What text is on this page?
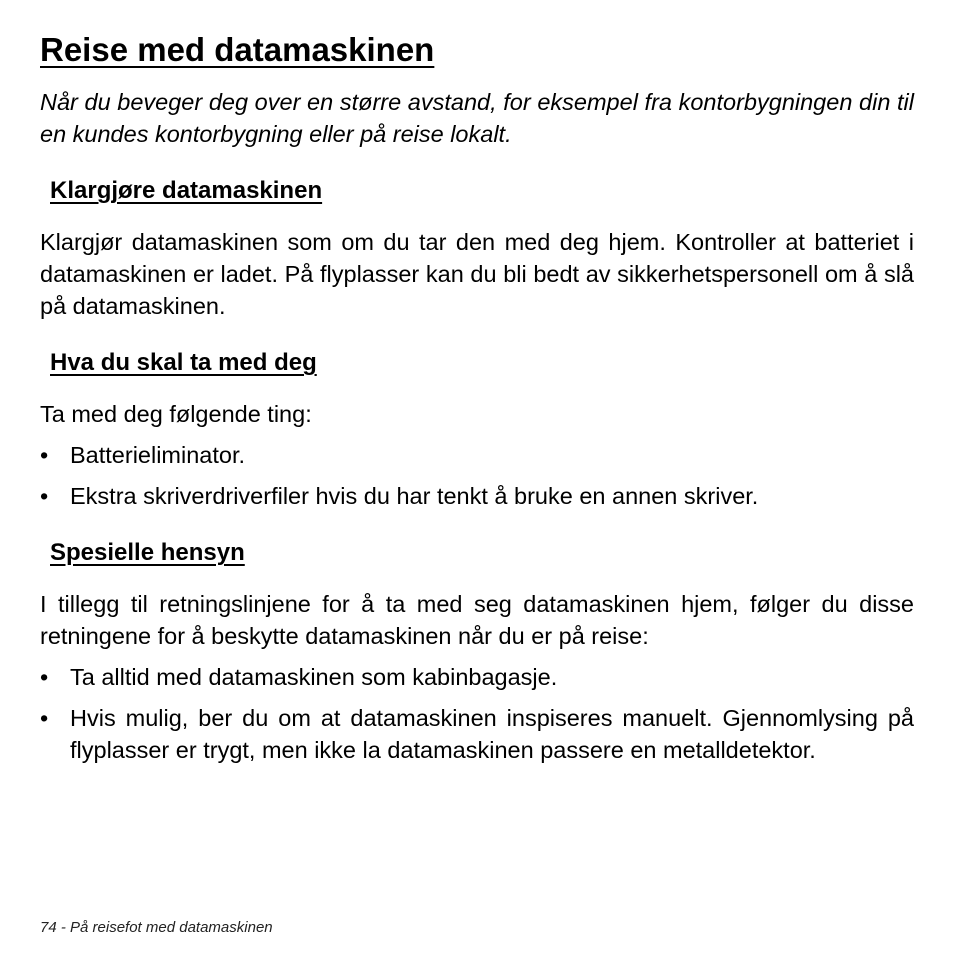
Reise med datamaskinen

Når du beveger deg over en større avstand, for eksempel fra kontorbygningen din til en kundes kontorbygning eller på reise lokalt.

Klargjøre datamaskinen

Klargjør datamaskinen som om du tar den med deg hjem. Kontroller at batteriet i datamaskinen er ladet. På flyplasser kan du bli bedt av sikkerhetspersonell om å slå på datamaskinen.

Hva du skal ta med deg

Ta med deg følgende ting:

• Batterieliminator.
• Ekstra skriverdriverfiler hvis du har tenkt å bruke en annen skriver.
Spesielle hensyn

I tillegg til retningslinjene for å ta med seg datamaskinen hjem, følger du disse retningene for å beskytte datamaskinen når du er på reise:

• Ta alltid med datamaskinen som kabinbagasje.
• Hvis mulig, ber du om at datamaskinen inspiseres manuelt. Gjennomlysing på flyplasser er trygt, men ikke la datamaskinen passere en metalldetektor.
74 - På reisefot med datamaskinen
